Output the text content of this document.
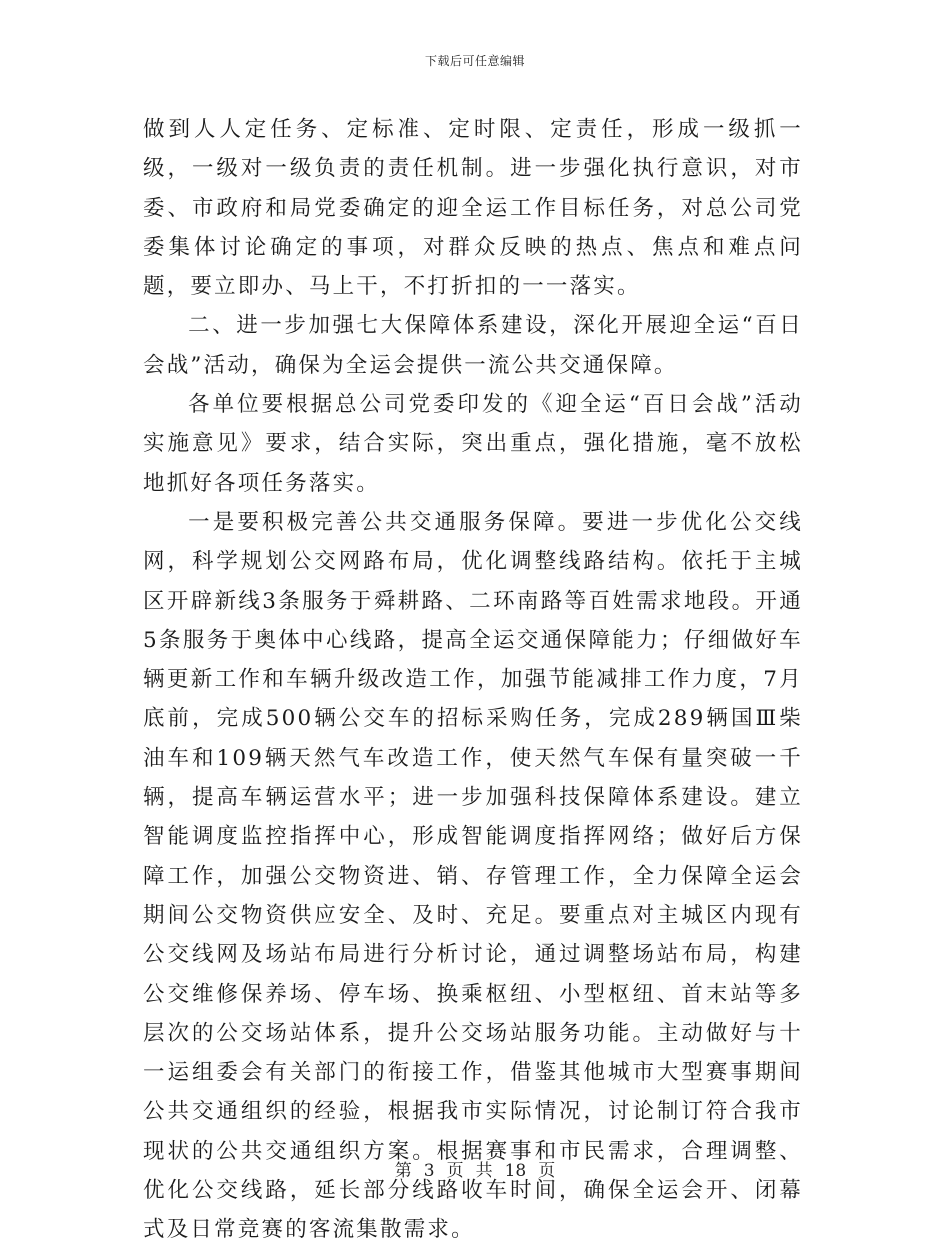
下载后可任意编辑

做到人人定任务、定标准、定时限、定责任，形成一级抓一级，一级对一级负责的责任机制。进一步强化执行意识，对市委、市政府和局党委确定的迎全运工作目标任务，对总公司党委集体讨论确定的事项，对群众反映的热点、焦点和难点问题，要立即办、马上干，不打折扣的一一落实。

二、进一步加强七大保障体系建设，深化开展迎全运“百日会战”活动，确保为全运会提供一流公共交通保障。

各单位要根据总公司党委印发的《迎全运“百日会战”活动实施意见》要求，结合实际，突出重点，强化措施，毫不放松地抓好各项任务落实。

一是要积极完善公共交通服务保障。要进一步优化公交线网，科学规划公交网路布局，优化调整线路结构。依托于主城区开辟新线3条服务于舜耕路、二环南路等百姓需求地段。开通5条服务于奥体中心线路，提高全运交通保障能力；仔细做好车辆更新工作和车辆升级改造工作，加强节能减排工作力度，7月底前，完成500辆公交车的招标采购任务，完成289辆国Ⅲ柴油车和109辆天然气车改造工作，使天然气车保有量突破一千辆，提高车辆运营水平；进一步加强科技保障体系建设。建立智能调度监控指挥中心，形成智能调度指挥网络；做好后方保障工作，加强公交物资进、销、存管理工作，全力保障全运会期间公交物资供应安全、及时、充足。要重点对主城区内现有公交线网及场站布局进行分析讨论，通过调整场站布局，构建公交维修保养场、停车场、换乘枢纽、小型枢纽、首末站等多层次的公交场站体系，提升公交场站服务功能。主动做好与十一运组委会有关部门的衔接工作，借鉴其他城市大型赛事期间公共交通组织的经验，根据我市实际情况，讨论制订符合我市现状的公共交通组织方案。根据赛事和市民需求，合理调整、优化公交线路，延长部分线路收车时间，确保全运会开、闭幕式及日常竞赛的客流集散需求。

第 3 页 共 18 页
